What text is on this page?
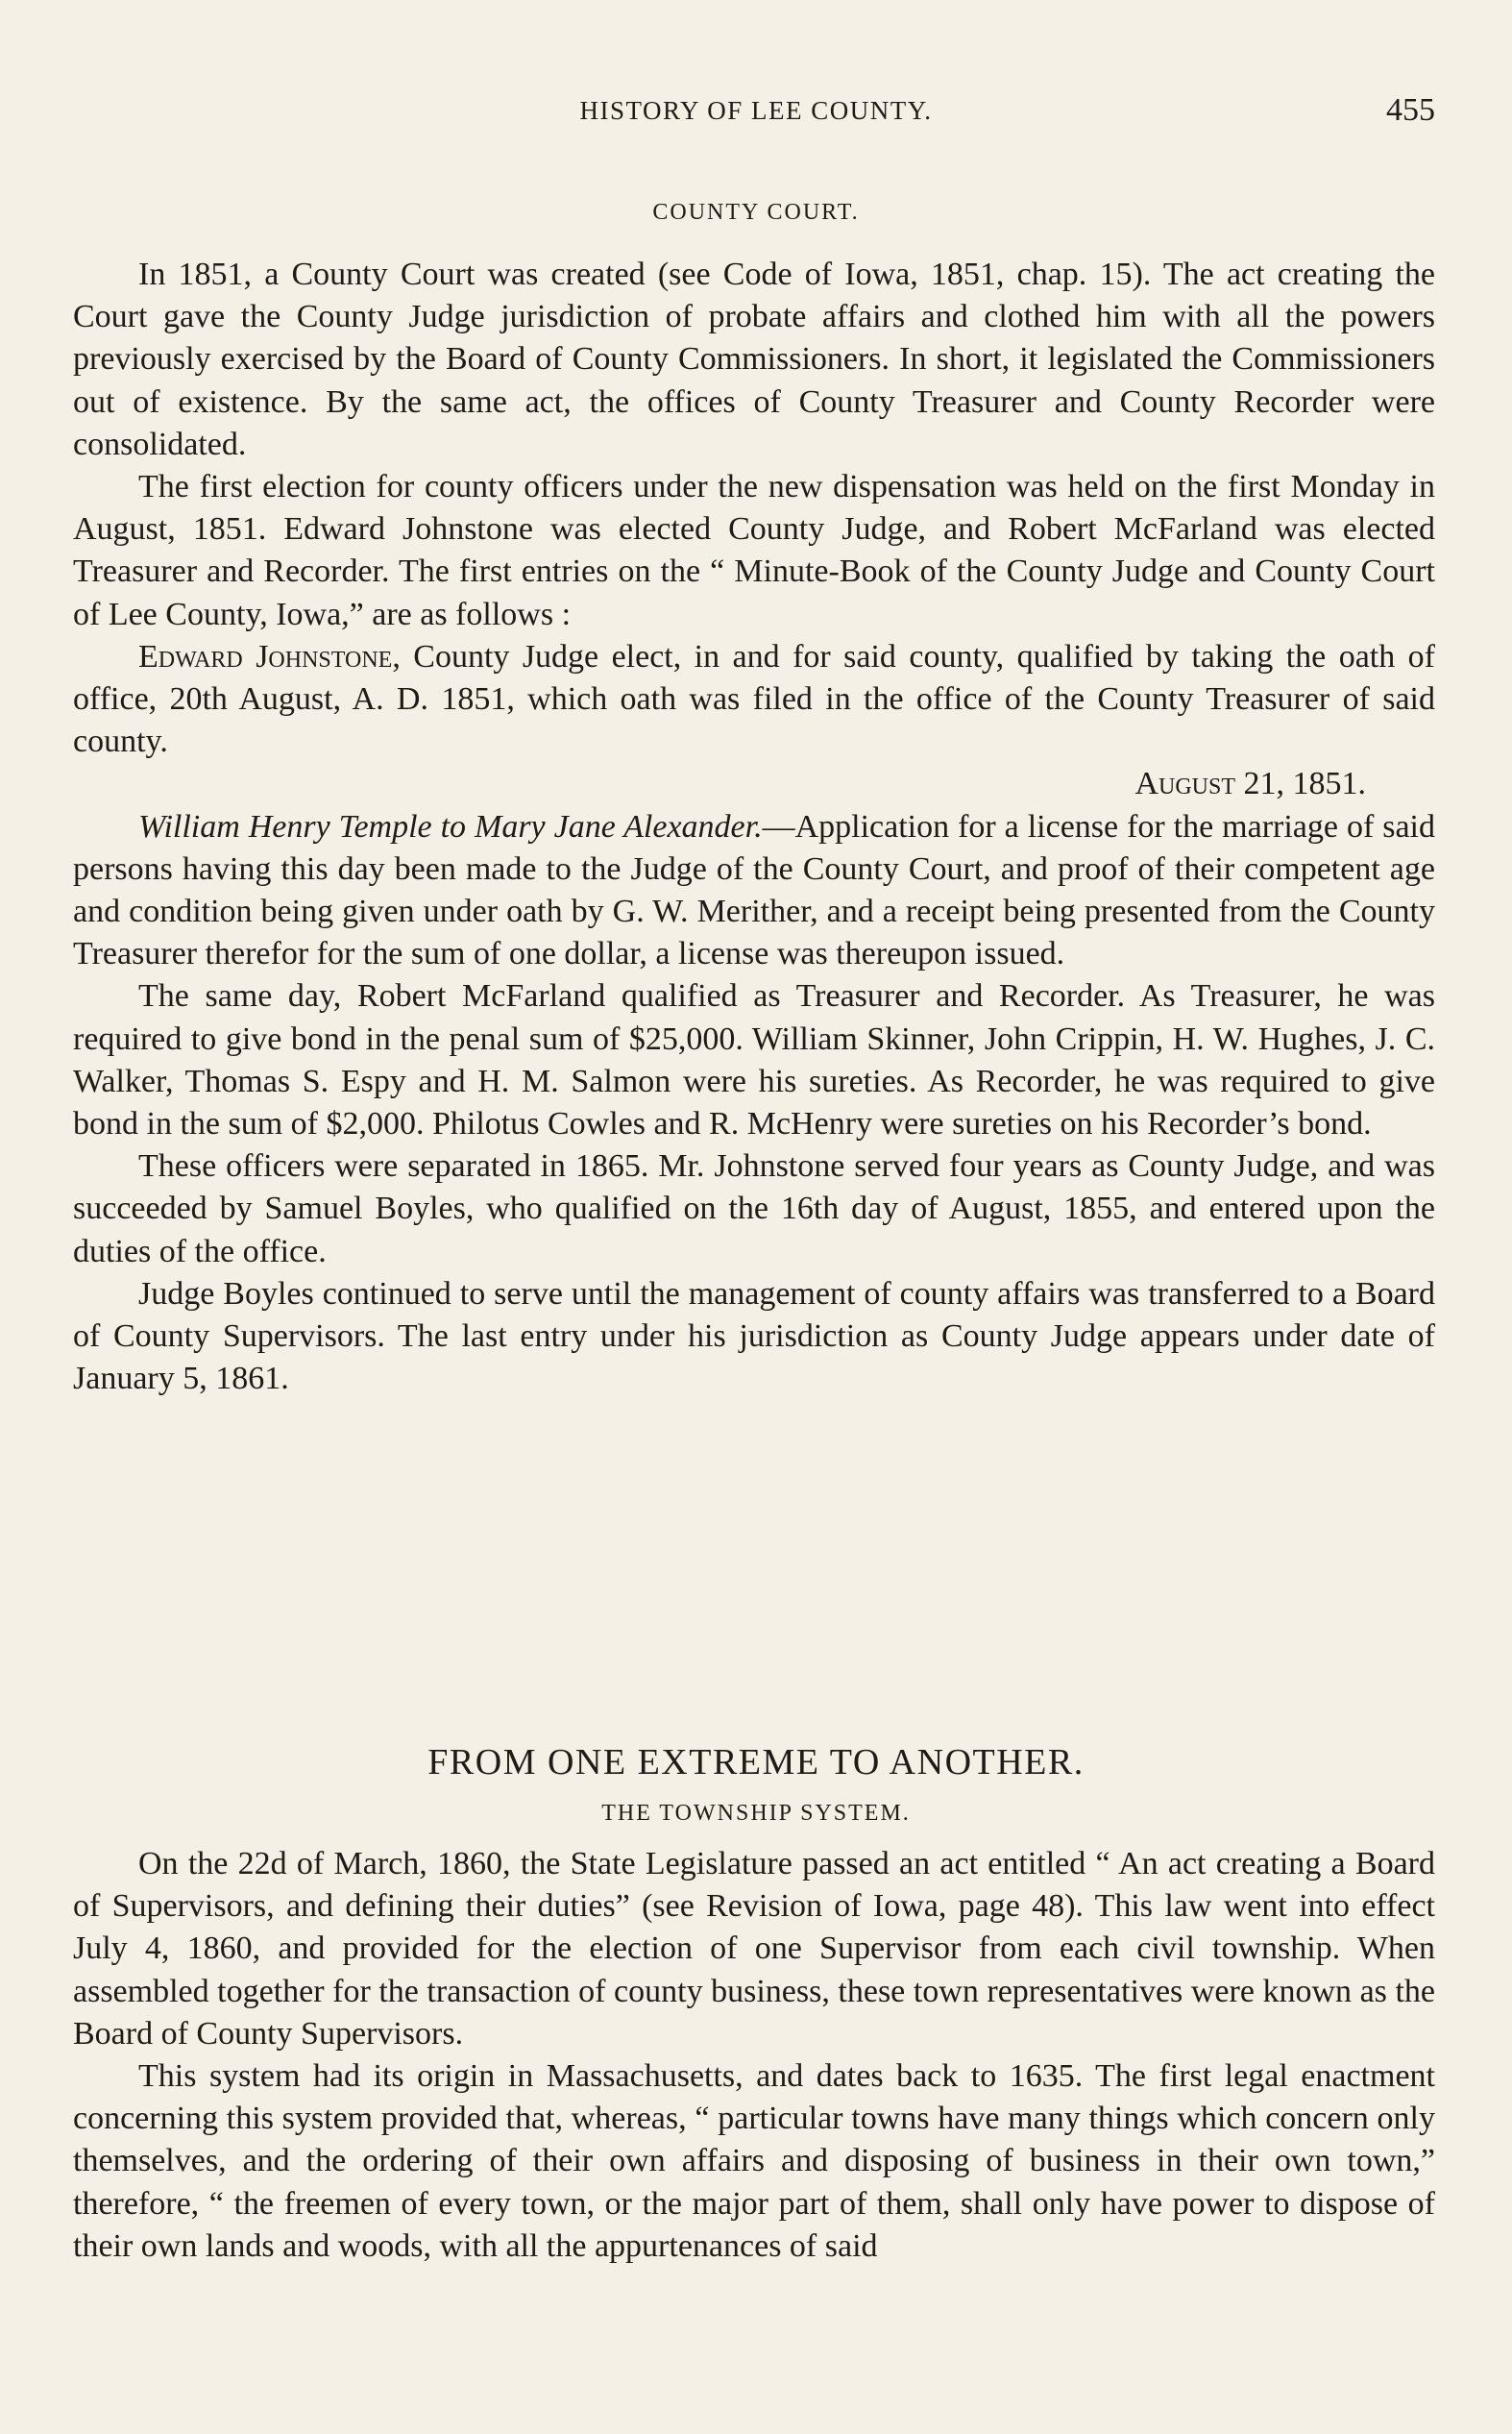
HISTORY OF LEE COUNTY.	455
COUNTY COURT.

In 1851, a County Court was created (see Code of Iowa, 1851, chap. 15). The act creating the Court gave the County Judge jurisdiction of probate affairs and clothed him with all the powers previously exercised by the Board of County Commissioners. In short, it legislated the Commissioners out of existence. By the same act, the offices of County Treasurer and County Recorder were consolidated.

The first election for county officers under the new dispensation was held on the first Monday in August, 1851. Edward Johnstone was elected County Judge, and Robert McFarland was elected Treasurer and Recorder. The first entries on the “ Minute-Book of the County Judge and County Court of Lee County, Iowa,” are as follows :

Edward Johnstone, County Judge elect, in and for said county, qualified by taking the oath of office, 20th August, A. D. 1851, which oath was filed in the office of the County Treasurer of said county.

August 21, 1851.

William Henry Temple to Mary Jane Alexander.—Application for a license for the marriage of said persons having this day been made to the Judge of the County Court, and proof of their competent age and condition being given under oath by G. W. Merither, and a receipt being presented from the County Treasurer therefor for the sum of one dollar, a license was thereupon issued.

The same day, Robert McFarland qualified as Treasurer and Recorder. As Treasurer, he was required to give bond in the penal sum of $25,000. William Skinner, John Crippin, H. W. Hughes, J. C. Walker, Thomas S. Espy and H. M. Salmon were his sureties. As Recorder, he was required to give bond in the sum of $2,000. Philotus Cowles and R. McHenry were sureties on his Recorder’s bond.

These officers were separated in 1865. Mr. Johnstone served four years as County Judge, and was succeeded by Samuel Boyles, who qualified on the 16th day of August, 1855, and entered upon the duties of the office.

Judge Boyles continued to serve until the management of county affairs was transferred to a Board of County Supervisors. The last entry under his jurisdiction as County Judge appears under date of January 5, 1861.

FROM ONE EXTREME TO ANOTHER.
THE TOWNSHIP SYSTEM.

On the 22d of March, 1860, the State Legislature passed an act entitled “ An act creating a Board of Supervisors, and defining their duties” (see Revision of Iowa, page 48). This law went into effect July 4, 1860, and provided for the election of one Supervisor from each civil township. When assembled together for the transaction of county business, these town representatives were known as the Board of County Supervisors.

This system had its origin in Massachusetts, and dates back to 1635. The first legal enactment concerning this system provided that, whereas, “ particular towns have many things which concern only themselves, and the ordering of their own affairs and disposing of business in their own town,” therefore, “ the freemen of every town, or the major part of them, shall only have power to dispose of their own lands and woods, with all the appurtenances of said
